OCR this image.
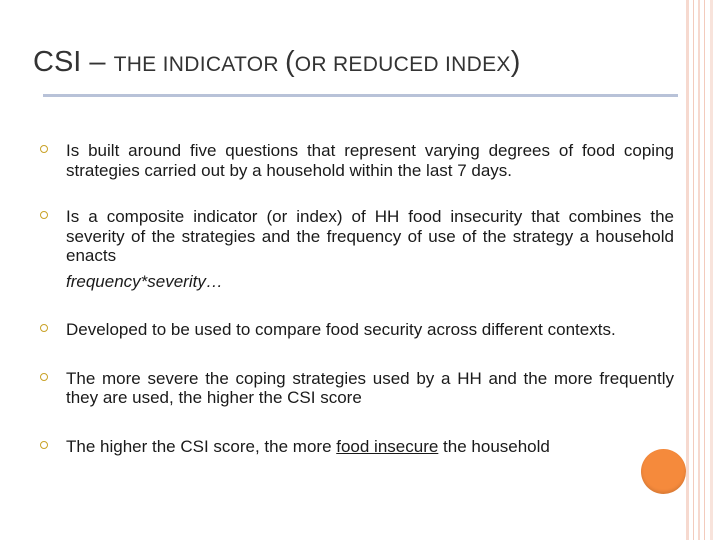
CSI – THE INDICATOR (OR REDUCED INDEX)
Is built around five questions that represent varying degrees of food coping strategies carried out by a household within the last 7 days.
Is a composite indicator (or index) of HH food insecurity that combines the severity of the strategies and the frequency of use of the strategy a household enacts
frequency*severity…
Developed to be used to compare food security across different contexts.
The more severe the coping strategies used by a HH and the more frequently they are used, the higher the CSI score
The higher the CSI score, the more food insecure the household
